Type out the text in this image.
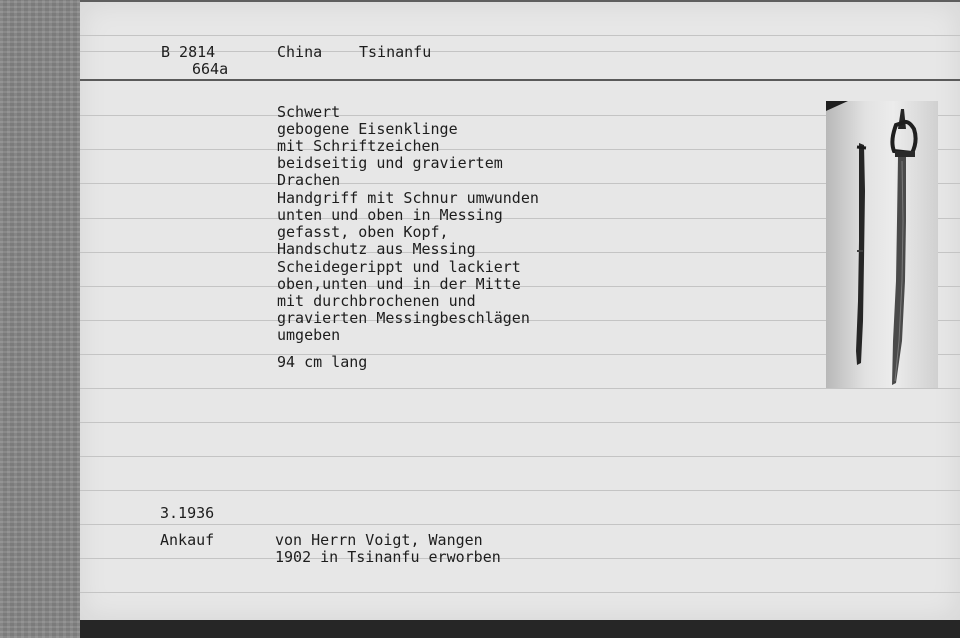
B 2814

664a

China Tsinanfu

Schwert

gebogene Eisenklinge

mit Schriftzeichen

beidseitig und graviertem

Drachen

Handgriff mit Schnur umwunden

unten und oben in Messing

gefasst, oben Kopf,

Handschutz aus Messing

Scheidegerippt und lackiert

oben,unten und in der Mitte

mit durchbrochenen und

gravierten Messingbeschlägen

umgeben

94 cm lang

3.1936

Ankauf	von Herrn Voigt, Wangen

1902 in Tsinanfu erworben
